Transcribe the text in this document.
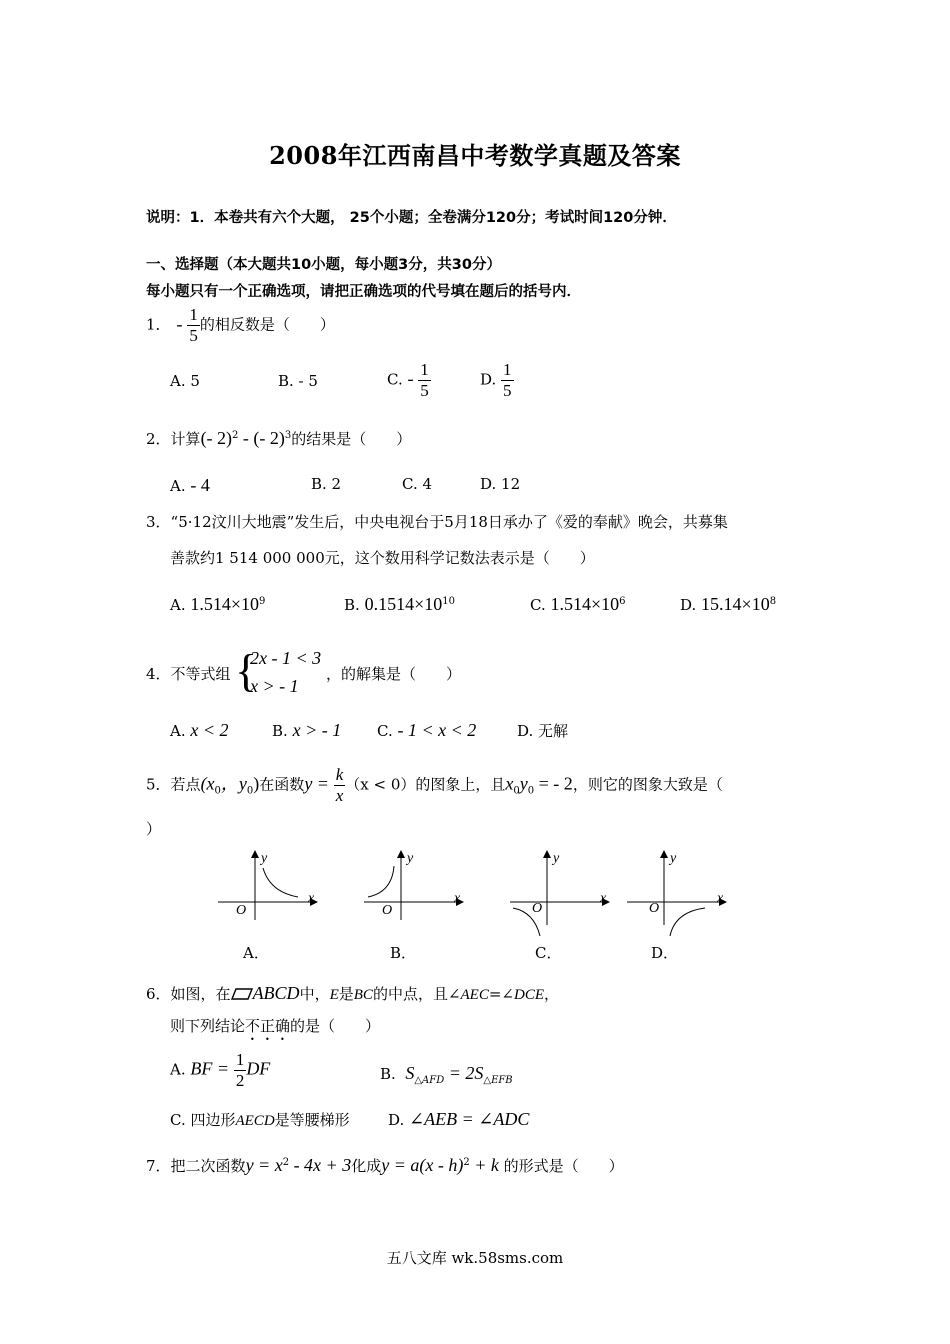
2008年江西南昌中考数学真题及答案
说明：1．本卷共有六个大题， 25个小题；全卷满分120分；考试时间120分钟．
一、选择题（本大题共10小题，每小题3分，共30分）
每小题只有一个正确选项，请把正确选项的代号填在题后的括号内．
1． - $\frac{1}{5}$ 的相反数是（　　）
A. 5	B. - 5	C. - $\frac{1}{5}$	D. $\frac{1}{5}$
2．计算(- 2)$^2$ - (- 2)$^3$的结果是（　　）
A. - 4	B. 2	C. 4	D. 12
3．“5·12汶川大地震”发生后，中央电视台于5月18日承办了《爱的奉献》晚会，共募集
善款约1 514 000 000元，这个数用科学记数法表示是（　　）
A. $1.514\times 10^9$	B. $0.1514\times 10^{10}$	C. $1.514\times 10^6$	D. $15.14\times 10^8$
4．不等式组 {
2x - 1 < 3
x > - 1
，的解集是（　　）
A. x < 2	B. x > - 1 C. - 1 < x < 2	D. 无解
5．若点($x_0$，$y_0$)在函数$y = \frac{k}{x} (x < 0)$的图象上，且$x_0y_0$ = - 2，则它的图象大致是（
）
y
x
O
A．
y
x
O
B．
y
x
O
C．
y
x
O
D．
6．如图，在 ABCD中，E是BC的中点，且∠AEC=∠DCE，
则下列结论不正确的是（　　）
A. BF = $\frac{1}{2}$ DF	B. $S_{\triangle AFD} = 2S_{\triangle EFB}$
C. 四边形AECD是等腰梯形	D. ∠AEB = ∠ADC
7．把二次函数$y = x^2 - 4x + 3$化成y = a(x - h)$^2$ + k 的形式是（　　）
五八文库 wk.58sms.com
